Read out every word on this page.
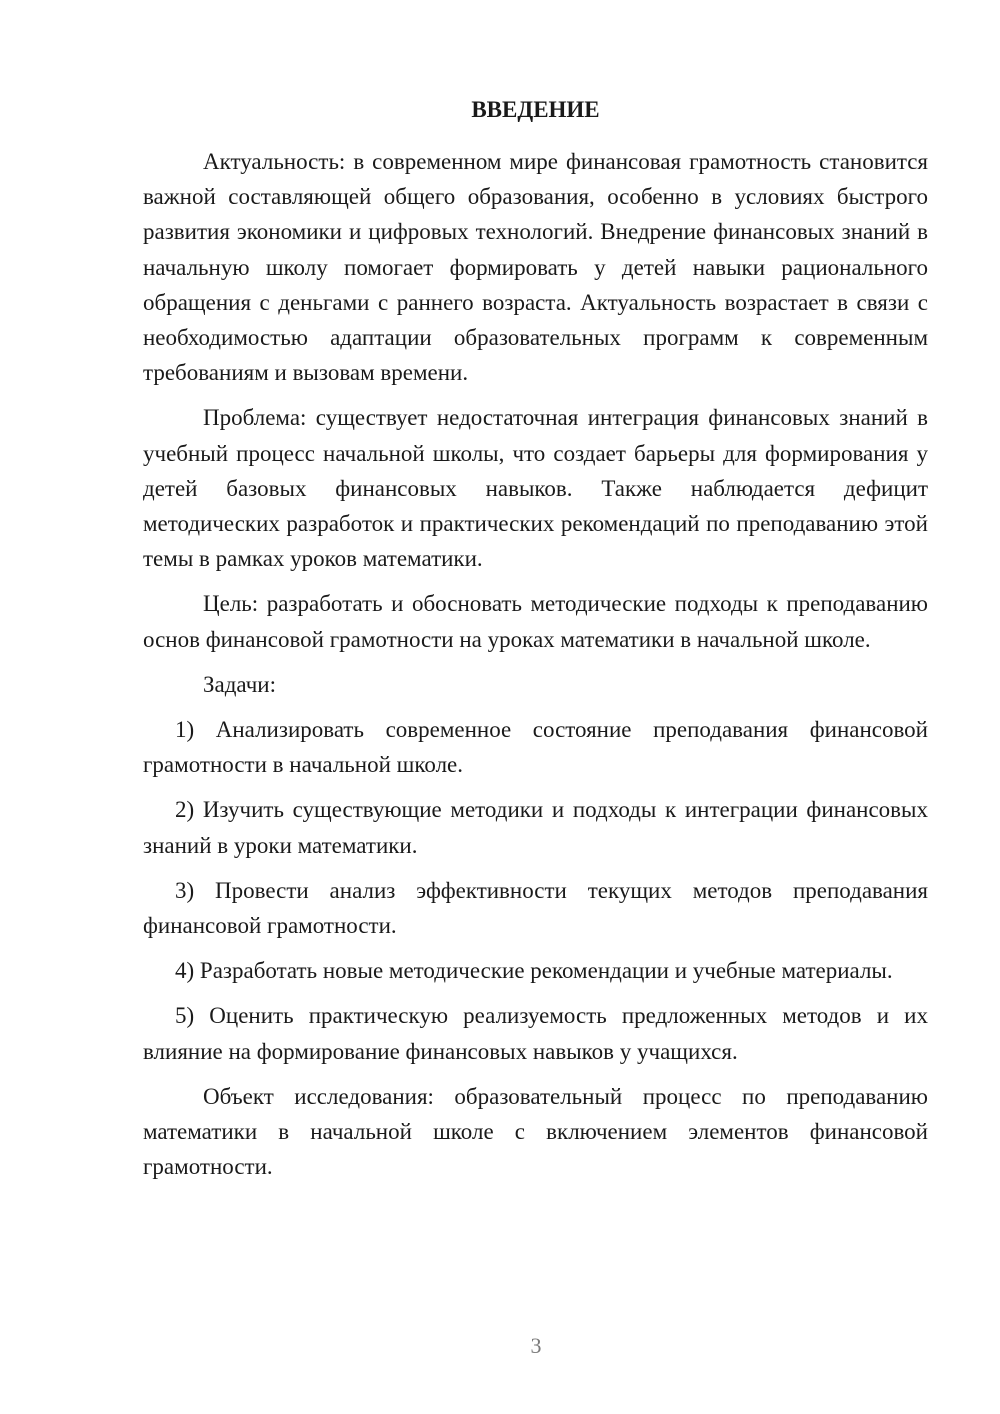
ВВЕДЕНИЕ

Актуальность: в современном мире финансовая грамотность становится важной составляющей общего образования, особенно в условиях быстрого развития экономики и цифровых технологий. Внедрение финансовых знаний в начальную школу помогает формировать у детей навыки рационального обращения с деньгами с раннего возраста. Актуальность возрастает в связи с необходимостью адаптации образовательных программ к современным требованиям и вызовам времени.

Проблема: существует недостаточная интеграция финансовых знаний в учебный процесс начальной школы, что создает барьеры для формирования у детей базовых финансовых навыков. Также наблюдается дефицит методических разработок и практических рекомендаций по преподаванию этой темы в рамках уроков математики.

Цель: разработать и обосновать методические подходы к преподаванию основ финансовой грамотности на уроках математики в начальной школе.

Задачи:

1) Анализировать современное состояние преподавания финансовой грамотности в начальной школе.

2) Изучить существующие методики и подходы к интеграции финансовых знаний в уроки математики.

3) Провести анализ эффективности текущих методов преподавания финансовой грамотности.

4) Разработать новые методические рекомендации и учебные материалы.

5) Оценить практическую реализуемость предложенных методов и их влияние на формирование финансовых навыков у учащихся.

Объект исследования: образовательный процесс по преподаванию математики в начальной школе с включением элементов финансовой грамотности.

3
